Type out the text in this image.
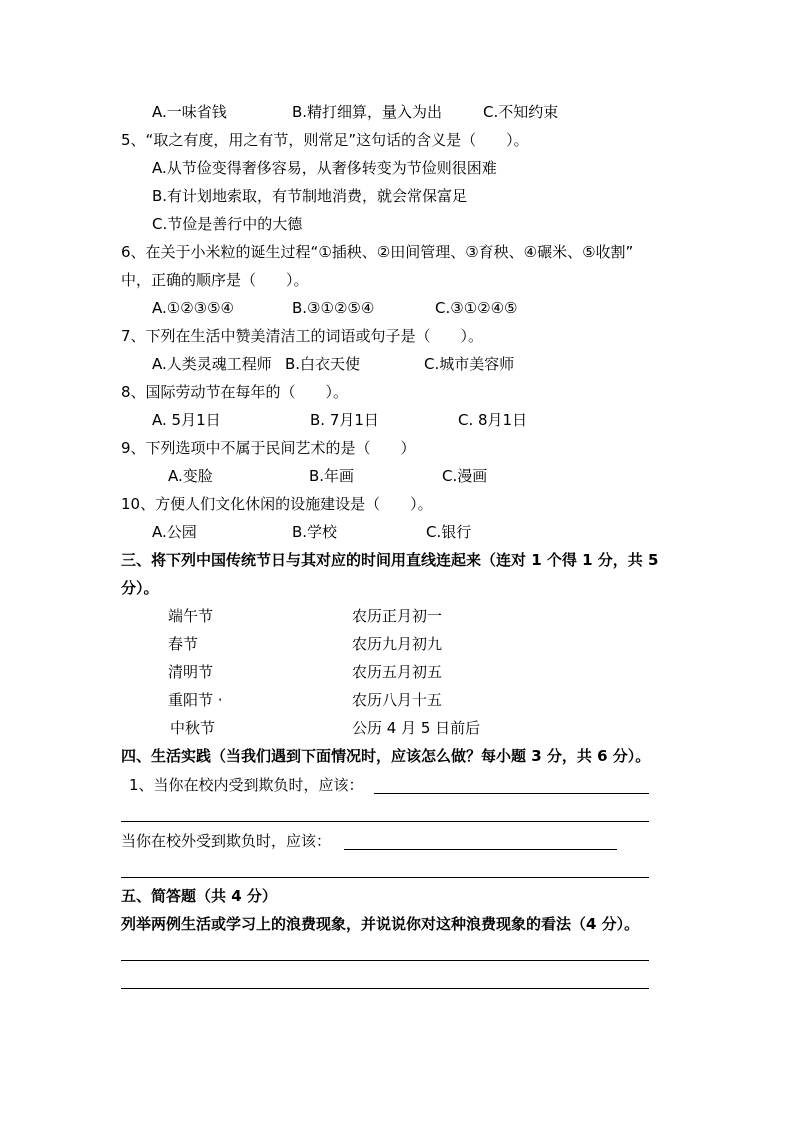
A.一味省钱	B.精打细算，量入为出	C.不知约束
5、“取之有度，用之有节，则常足”这句话的含义是（　　）。
A.从节俭变得奢侈容易，从奢侈转变为节俭则很困难
B.有计划地索取，有节制地消费，就会常保富足
C.节俭是善行中的大德
6、在关于小米粒的诞生过程“①插秧、②田间管理、③育秧、④碾米、⑤收割”
中，正确的顺序是（　　）。
A.①②③⑤④	B.③①②⑤④	C.③①②④⑤
7、下列在生活中赞美清洁工的词语或句子是（　　）。
A.人类灵魂工程师 B.白衣天使	C.城市美容师
8、国际劳动节在每年的（　　）。
A. 5月1日	B. 7月1日	C. 8月1日
9、下列选项中不属于民间艺术的是（　　）
A.变脸	B.年画	C.漫画
10、方便人们文化休闲的设施建设是（　　）。
A.公园	B.学校	C.银行
三、将下列中国传统节日与其对应的时间用直线连起来（连对 1 个得 1 分，共 5
分）。
端午节	农历正月初一
春节	农历九月初九
清明节	农历五月初五
重阳节 ·	农历八月十五
中秋节	公历 4 月 5 日前后
四、生活实践（当我们遇到下面情况时，应该怎么做？每小题 3 分，共 6 分）。
1、当你在校内受到欺负时，应该：
当你在校外受到欺负时，应该：
五、简答题（共 4 分）
列举两例生活或学习上的浪费现象，并说说你对这种浪费现象的看法（4 分）。
